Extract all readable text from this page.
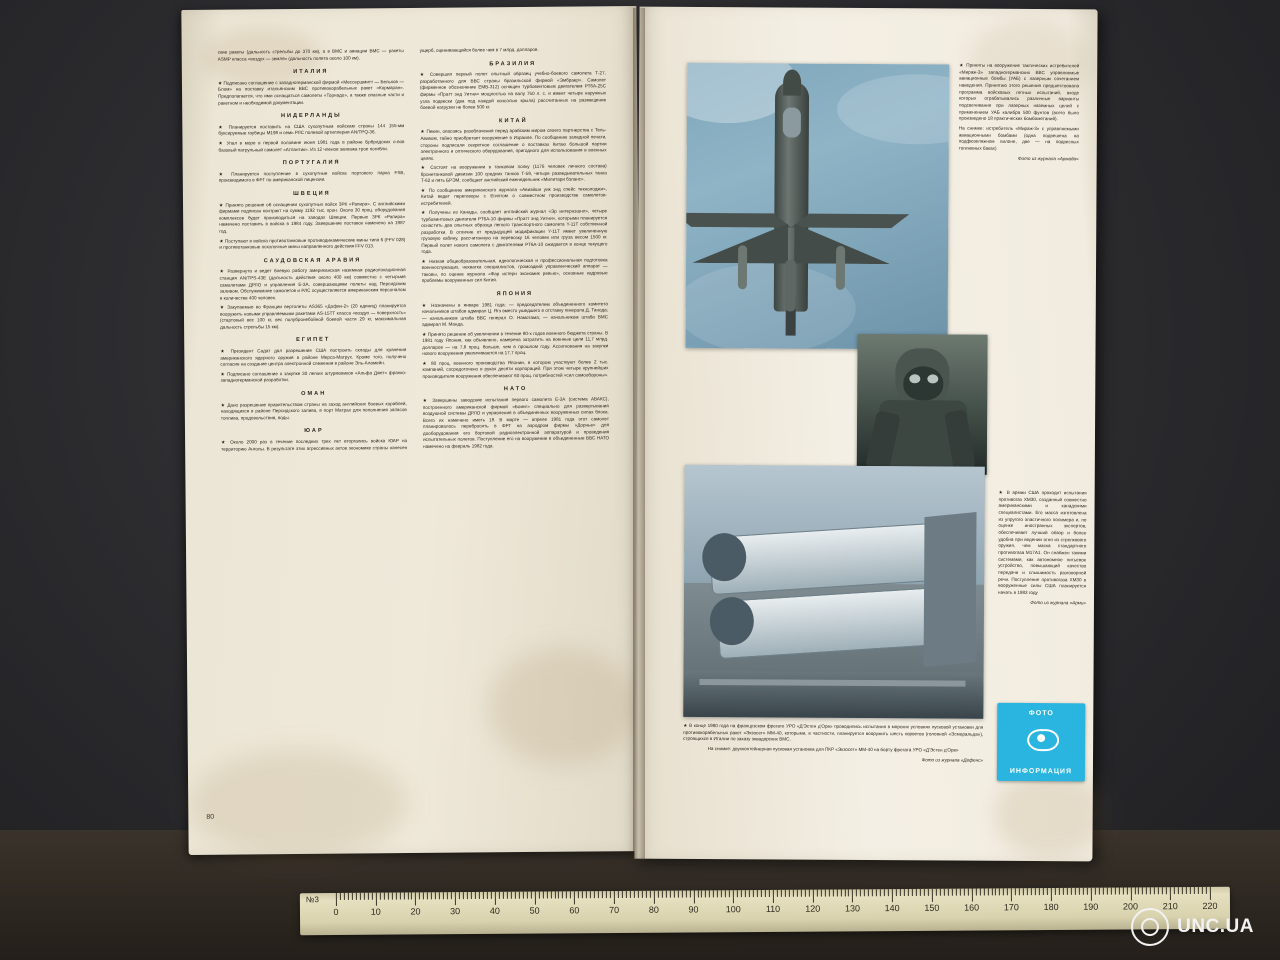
ские ракеты (дальность стрельбы до 370 км), а в ВМС и авиации ВМС — ракеты АSМР класса «воздух — земля» (дальность полета около 100 км).

ИТАЛИЯ

★ Подписано соглашение с западногерманской фирмой «Мессершмитт — Бельков — Блом» на поставку итальянским ВВС противокорабельных ракет «Кормаран». Предполагается, что ими оснащаться самолеты «Торнадо», а также опасные части и ракетном и необходимой документации.

НИДЕРЛАНДЫ

★ Планируется поставить на США сухопутным войскам страны 144 155-мм буксируемые гаубицы М198 и семь РЛС полевой артиллерии АN/ТРQ-36.

★ Упал в море в первой половине июня 1981 года в районе Брбрадских о-вов базовый патрульный самолет «Атлантик». Из 12 членов экипажа трое погибли.

ПОРТУГАЛИЯ

★ Планируется поступление в сухопутные войска портового парка FSB, производимого в ФРГ по американской лицензии.

ШВЕЦИЯ

★ Принято решение об оснащении сухопутных войск ЗРК «Рапира». С английскими фирмами подписан контракт на сумму 1192 тыс. крон. Около 30 проц. оборудования комплексов будет производиться на заводах Швеции. Первые ЗРК «Рапира» намечено поставить в войска в 1984 году. Завершение поставок намечено на 1987 год.

★ Поступают в войска противотанковые противодинамические мины типа 6 (FFV 028) и противотанковые осколочные мины направленного действия FFV 013.

САУДОВСКАЯ АРАВИЯ

★ Развернута и ведет боевую работу американская наземная радиолокационная станция АN/ТРS-43Е (дальность действия около 400 км) совместно с четырьмя самолетами ДРЛО и управления Е-3А, совершающими полеты над Персидским заливом. Обслуживание самолетов и РЛС осуществляется американским персоналом в количестве 400 человек.

★ Закупаемые во Франции вертолеты AS365 «Дофин-2» (20 единиц) планируется вооружить новыми управляемыми ракетами АS-15ТТ класса «воздух — поверхность» (стартовый вес 100 кг, вес полубронебойной боевой части 29 кг, максимальная дальность стрельбы 15 км).

ЕГИПЕТ

★ Президент Садат дал разрешение США построить склады для хранения американского ядерного оружия в районе Мерса-Матрух. Кроме того, получено согласие на создание центра электронной слежения в районе Эль-Аламейн.

★ Подписано соглашение о закупке 30 легких штурмовиков «Альфа Джет» франко-западногерманской разработки.

ОМАН

★ Дано разрешение правительством страны на заход английских боевых кораблей, находящихся в районе Персидского залива, в порт Матрах для пополнения запасов топлива, продовольствия, воды.

ЮАР

★ Около 2000 раз в течение последних трех лет вторгались войска ЮАР на территорию Анголы. В результате этих агрессивных актов экономике страны нанесен ущерб, оценивающийся более чем в 7 млрд. долларов.

БРАЗИЛИЯ

★ Совершил первый полет опытный образец учебно-боевого самолета Т-27, разработанного для ВВС страны бразильской фирмой «Эмбраер». Самолет (фирменное обозначение ЕМВ-312) оснащен турбовинтовым двигателем РТ6А-25С фирмы «Пратт энд Уитни» мощностью на валу 750 л. с. и имеет четыре наружных узла подвески (два под каждой консолью крыла) рассчитанных на размещение боевой нагрузки не более 500 кг.

КИТАЙ

★ Пекин, опасаясь разоблачения перед арабским миром своего партнерства с Тель-Авивом, тайно приобретает вооружение в Израиле. По сообщению западной печати, стороны подписали секретное соглашение о поставках Китаю большой партии электронного и оптического оборудования, пригодного для использования в военных целях.

★ Состоят на вооружении в танковом полку (1176 человек личного состава) бронетанковой дивизии 100 средних танков Т-59, четыре разведывательных танка Т-62 и пять БРЭМ, сообщает английский еженедельник «Милитари бэланс».

★ По сообщению американского журнала «Авиэйшн уик энд спейс текнолоджи», Китай ведет переговоры с Египтом о совместном производстве самолетов-истребителей.

★ Получены из Канады, сообщает английский журнал «Эр интернэшнл», четыре турбовинтовых двигателя РТ6А-10 фирмы «Пратт энд Уитни», которыми планируется оснастить два опытных образца легкого транспортного самолета Y-11Т собственной разработки. В отличие от предыдущей модификации Y-11Т имеет увеличенную грузовую кабину, рассчитанную на перевозку 16 человек или груза весом 1500 кг. Первый полет нового самолета с двигателями РТ6А-10 ожидается в конце текущего года.

★ Низкая общеобразовательная, идеологическая и профессиональная подготовка военнослужащих, нехватка специалистов, громоздкий управленческий аппарат — таковы, по оценке журнала «Фар истерн экономик ревью», основные кадровые проблемы вооруженных сил Китая.

ЯПОНИЯ

★ Назначены в январе 1981 года: — председателем объединенного комитета начальников штабов адмирал Ц. Ягэ вместо ушедшего в отставку генерала Д. Танода; — начальником штаба ВВС генерал О. Намотама; — начальником штаба ВМС адмирал М. Манда.

★ Принято решение об увеличении в течение 80-х годов военного бюджета страны. В 1981 году Япония, как объявлено, намерена затратить на военные цели 11,7 млрд. долларов — на 7,8 проц. больше, чем в прошлом году. Ассигнования на закупки нового вооружения увеличиваются на 17,7 проц.

★ 80 проц. военного производства Японии, в котором участвуют более 2 тыс. компаний, сосредоточено в руках десяти корпораций. При этом четыре крупнейших производителя вооружения обеспечивают 60 проц. потребностей «сил самообороны».

НАТО

★ Завершены заводские испытания первого самолета Е-3А (система АВАКС), построенного американской фирмой «Боинг» специально для развертывания воздушной системы ДРЛО и управления в объединенных вооруженных силах блока. Всего их намечено иметь 18. В марте — апреле 1981 года этот самолет планировалось перебросить в ФРГ на аэродром фирмы «Дорнье» для дооборудования его бортовой радиоэлектронной аппаратурой и проведения испытательных полетов. Поступление его на вооружение в объединенные ВВС НАТО намечено на февраль 1982 года.

80

★ Приняты на вооружение тактических истребителей «Мираж-3» западногерманских ВВС управляемые авиационные бомбы (УАБ) с лазерным сочетанием наведения. Принятию этого решения предшествовала программа войсковых летных испытаний, входе которых отрабатывались различные варианты подсвечивания при лазерных наземных целей с применением УАБ калибра 500 фунтов (всего было произведено 18 практических бомбометаний).

На снимке: истребитель «Мираж-3» с управляемыми авиационными бомбами (одна подвешена на подфюзеляжном пилоне, две — на подвесных топливных баках)

Фото из журнала «Армада»

★ В армии США проходит испытания противогаз ХМ30, созданный совместно американскими и канадскими специалистами. Его масса изготовлена из упругого эластичного полимера и, по оценке иностранных экспертов, обеспечивает лучший обзор и более удобна при ведении огня из стрелкового оружия, чем маска стандартного противогаза М17А1. Он снабжен такими системами, как автономное питьевое устройство, повышающий качество передачи и слышимость разговорной речи. Поступление противогаза ХМ30 в вооруженные силы США планируется начать в 1983 году

Фото из журнала «Арми»

★ В конце 1980 года на французском фрегате УРО «Д'Эстен д'Орв» проводились испытания в морских условиях пусковой установки для противокорабельных ракет «Экзосет» ММ-40, которыми, в частности, планируется вооружить шесть корветов (головной «Эсмеральда»), строящихся в Италии по заказу эквадорских ВМС.

На снимке: двухконтейнерная пусковая установка для ПКР «Экзосет» ММ-40 на борту фрегата УРО «Д'Эстен д'Орв»

Фото из журнала «Дефенс»

ФОТО
ИНФОРМАЦИЯ
№3
0	10	20	30	40	50	60	70	80	90	100	110	120	130	140	150	160	170	180	190	200	210	220
UNC.UA
